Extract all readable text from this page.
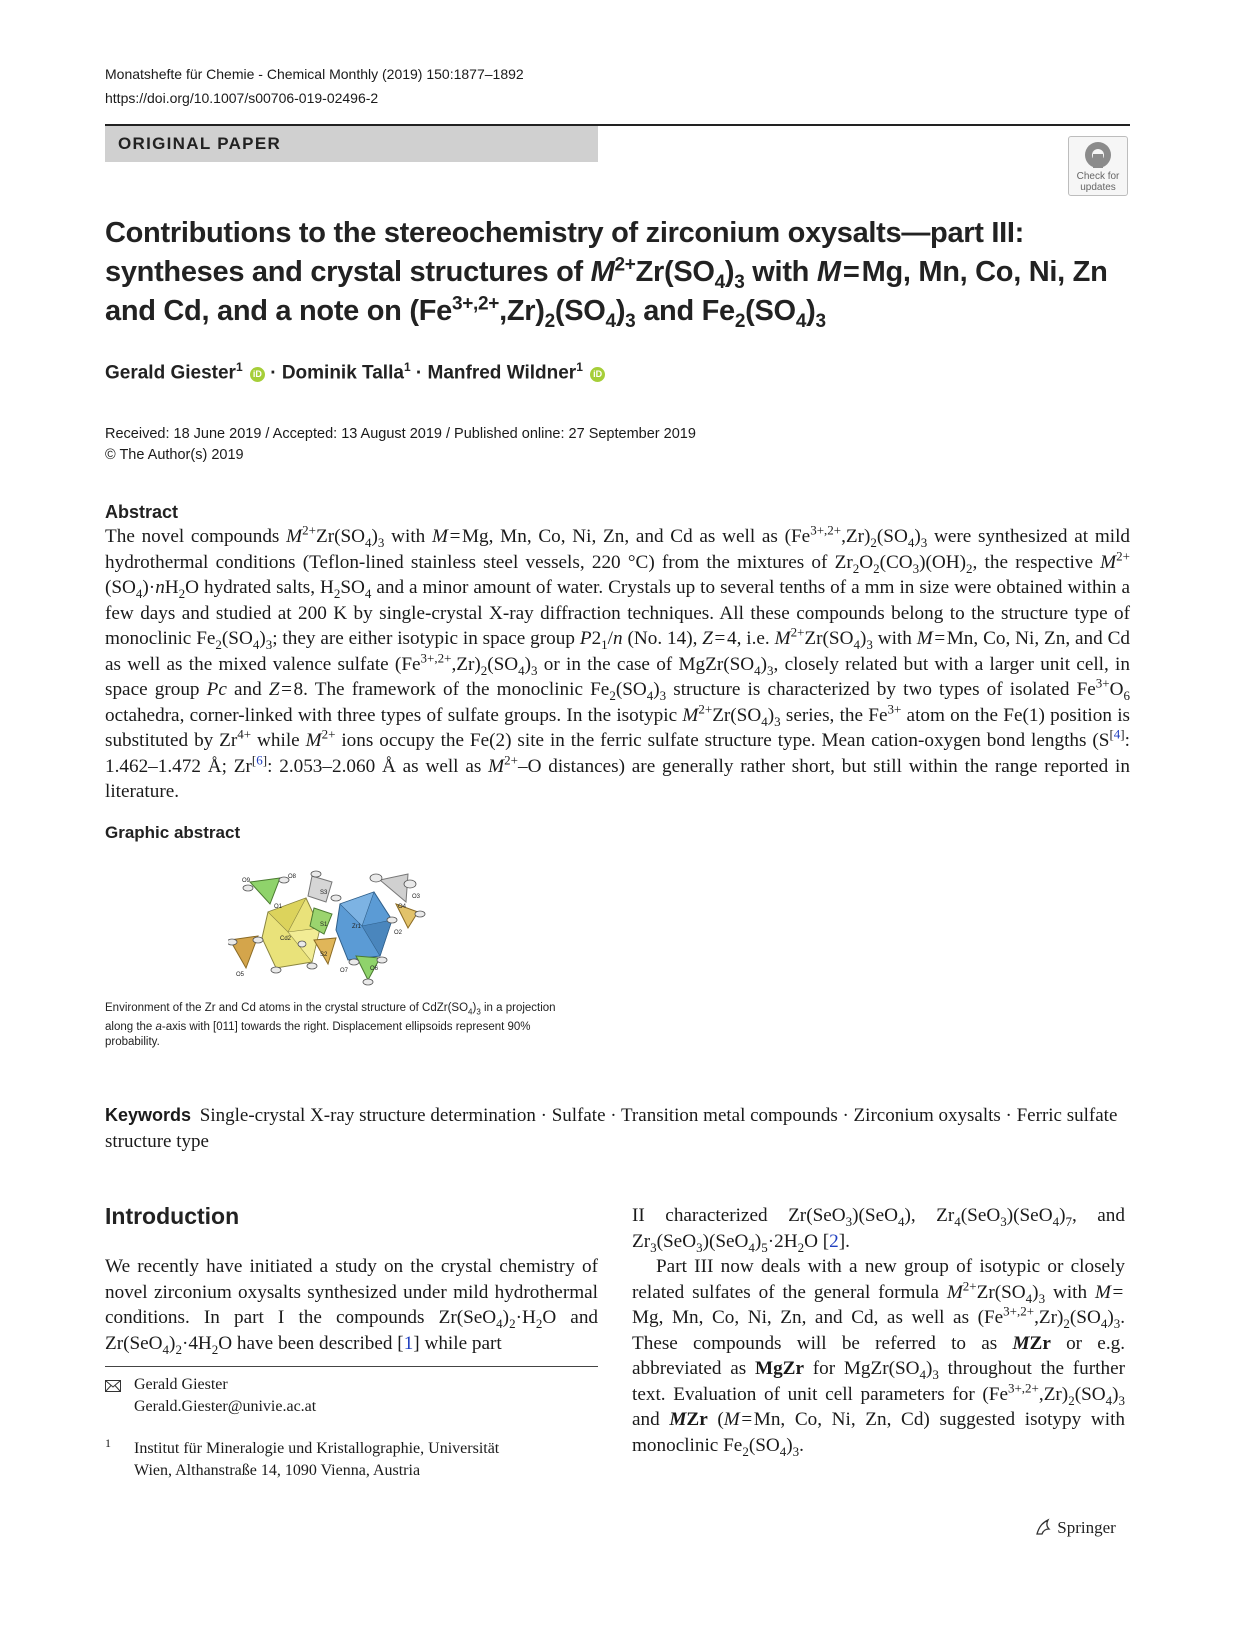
Monatshefte für Chemie - Chemical Monthly (2019) 150:1877–1892
https://doi.org/10.1007/s00706-019-02496-2
ORIGINAL PAPER
Check for
updates
Contributions to the stereochemistry of zirconium oxysalts—part III: syntheses and crystal structures of $M^{2+}Zr(SO_4)_3$ with M = Mg, Mn, Co, Ni, Zn and Cd, and a note on $(Fe^{3+,2+},Zr)_2(SO_4)_3$ and $Fe_2(SO_4)_3$
Gerald Giester$^1$ iD · Dominik Talla$^1$ · Manfred Wildner$^1$ iD
Received: 18 June 2019 / Accepted: 13 August 2019 / Published online: 27 September 2019
© The Author(s) 2019
Abstract
The novel compounds $M^{2+}Zr(SO_4)_3$ with M = Mg, Mn, Co, Ni, Zn, and Cd as well as $(Fe^{3+,2+},Zr)_2(SO_4)_3$ were synthesized at mild hydrothermal conditions (Teflon-lined stainless steel vessels, 220 °C) from the mixtures of $Zr_2O_2(CO_3)(OH)_2$, the respective $M^{2+}(SO_4)\cdot nH_2O$ hydrated salts, $H_2SO_4$ and a minor amount of water. Crystals up to several tenths of a mm in size were obtained within a few days and studied at 200 K by single-crystal X-ray diffraction techniques. All these compounds belong to the structure type of monoclinic $Fe_2(SO_4)_3$; they are either isotypic in space group $P2_1/n$ (No. 14), Z = 4, i.e. $M^{2+}Zr(SO_4)_3$ with M = Mn, Co, Ni, Zn, and Cd as well as the mixed valence sulfate $(Fe^{3+,2+},Zr)_2(SO_4)_3$ or in the case of $MgZr(SO_4)_3$, closely related but with a larger unit cell, in space group Pc and Z = 8. The framework of the monoclinic $Fe_2(SO_4)_3$ structure is characterized by two types of isolated $Fe^{3+}O_6$ octahedra, corner-linked with three types of sulfate groups. In the isotypic $M^{2+}Zr(SO_4)_3$ series, the $Fe^{3+}$ atom on the Fe(1) position is substituted by $Zr^{4+}$ while $M^{2+}$ ions occupy the Fe(2) site in the ferric sulfate structure type. Mean cation-oxygen bond lengths (S[4]: 1.462–1.472 Å; Zr[6]: 2.053–2.060 Å as well as $M^{2+}-O$ distances) are generally rather short, but still within the range reported in literature.
Graphic abstract
O9
O8
S3
O1
Cd2
S1	Zr1
S2
O5
O4
O6
O7
O2
O3
Environment of the Zr and Cd atoms in the crystal structure of $CdZr(SO_4)_3$ in a projection along the a-axis with [011] towards the right. Displacement ellipsoids represent 90% probability.
Keywords Single-crystal X-ray structure determination · Sulfate · Transition metal compounds · Zirconium oxysalts · Ferric sulfate structure type
Introduction
We recently have initiated a study on the crystal chemistry of novel zirconium oxysalts synthesized under mild hydrothermal conditions. In part I the compounds $Zr(SeO_4)_2\cdot H_2O$ and $Zr(SeO_4)_2\cdot 4H_2O$ have been described [1] while part

II characterized Zr(SeO$_3$)(SeO$_4$), $Zr_4(SeO_3)(SeO_4)_7$, and $Zr_3(SeO_3)(SeO_4)_5\cdot 2H_2O$ [2].

Part III now deals with a new group of isotypic or closely related sulfates of the general formula $M^{2+}Zr(SO_4)_3$ with M = Mg, Mn, Co, Ni, Zn, and Cd, as well as $(Fe^{3+,2+},Zr)_2(SO_4)_3$. These compounds will be referred to as MZr or e.g. abbreviated as MgZr for $MgZr(SO_4)_3$ throughout the further text. Evaluation of unit cell parameters for $(Fe^{3+,2+},Zr)_2(SO_4)_3$ and MZr (M = Mn, Co, Ni, Zn, Cd) suggested isotypy with monoclinic $Fe_2(SO_4)_3$.

Gerald Giester
Gerald.Giester@univie.ac.at
1 Institut für Mineralogie und Kristallographie, Universität
Wien, Althanstraße 14, 1090 Vienna, Austria
Springer
